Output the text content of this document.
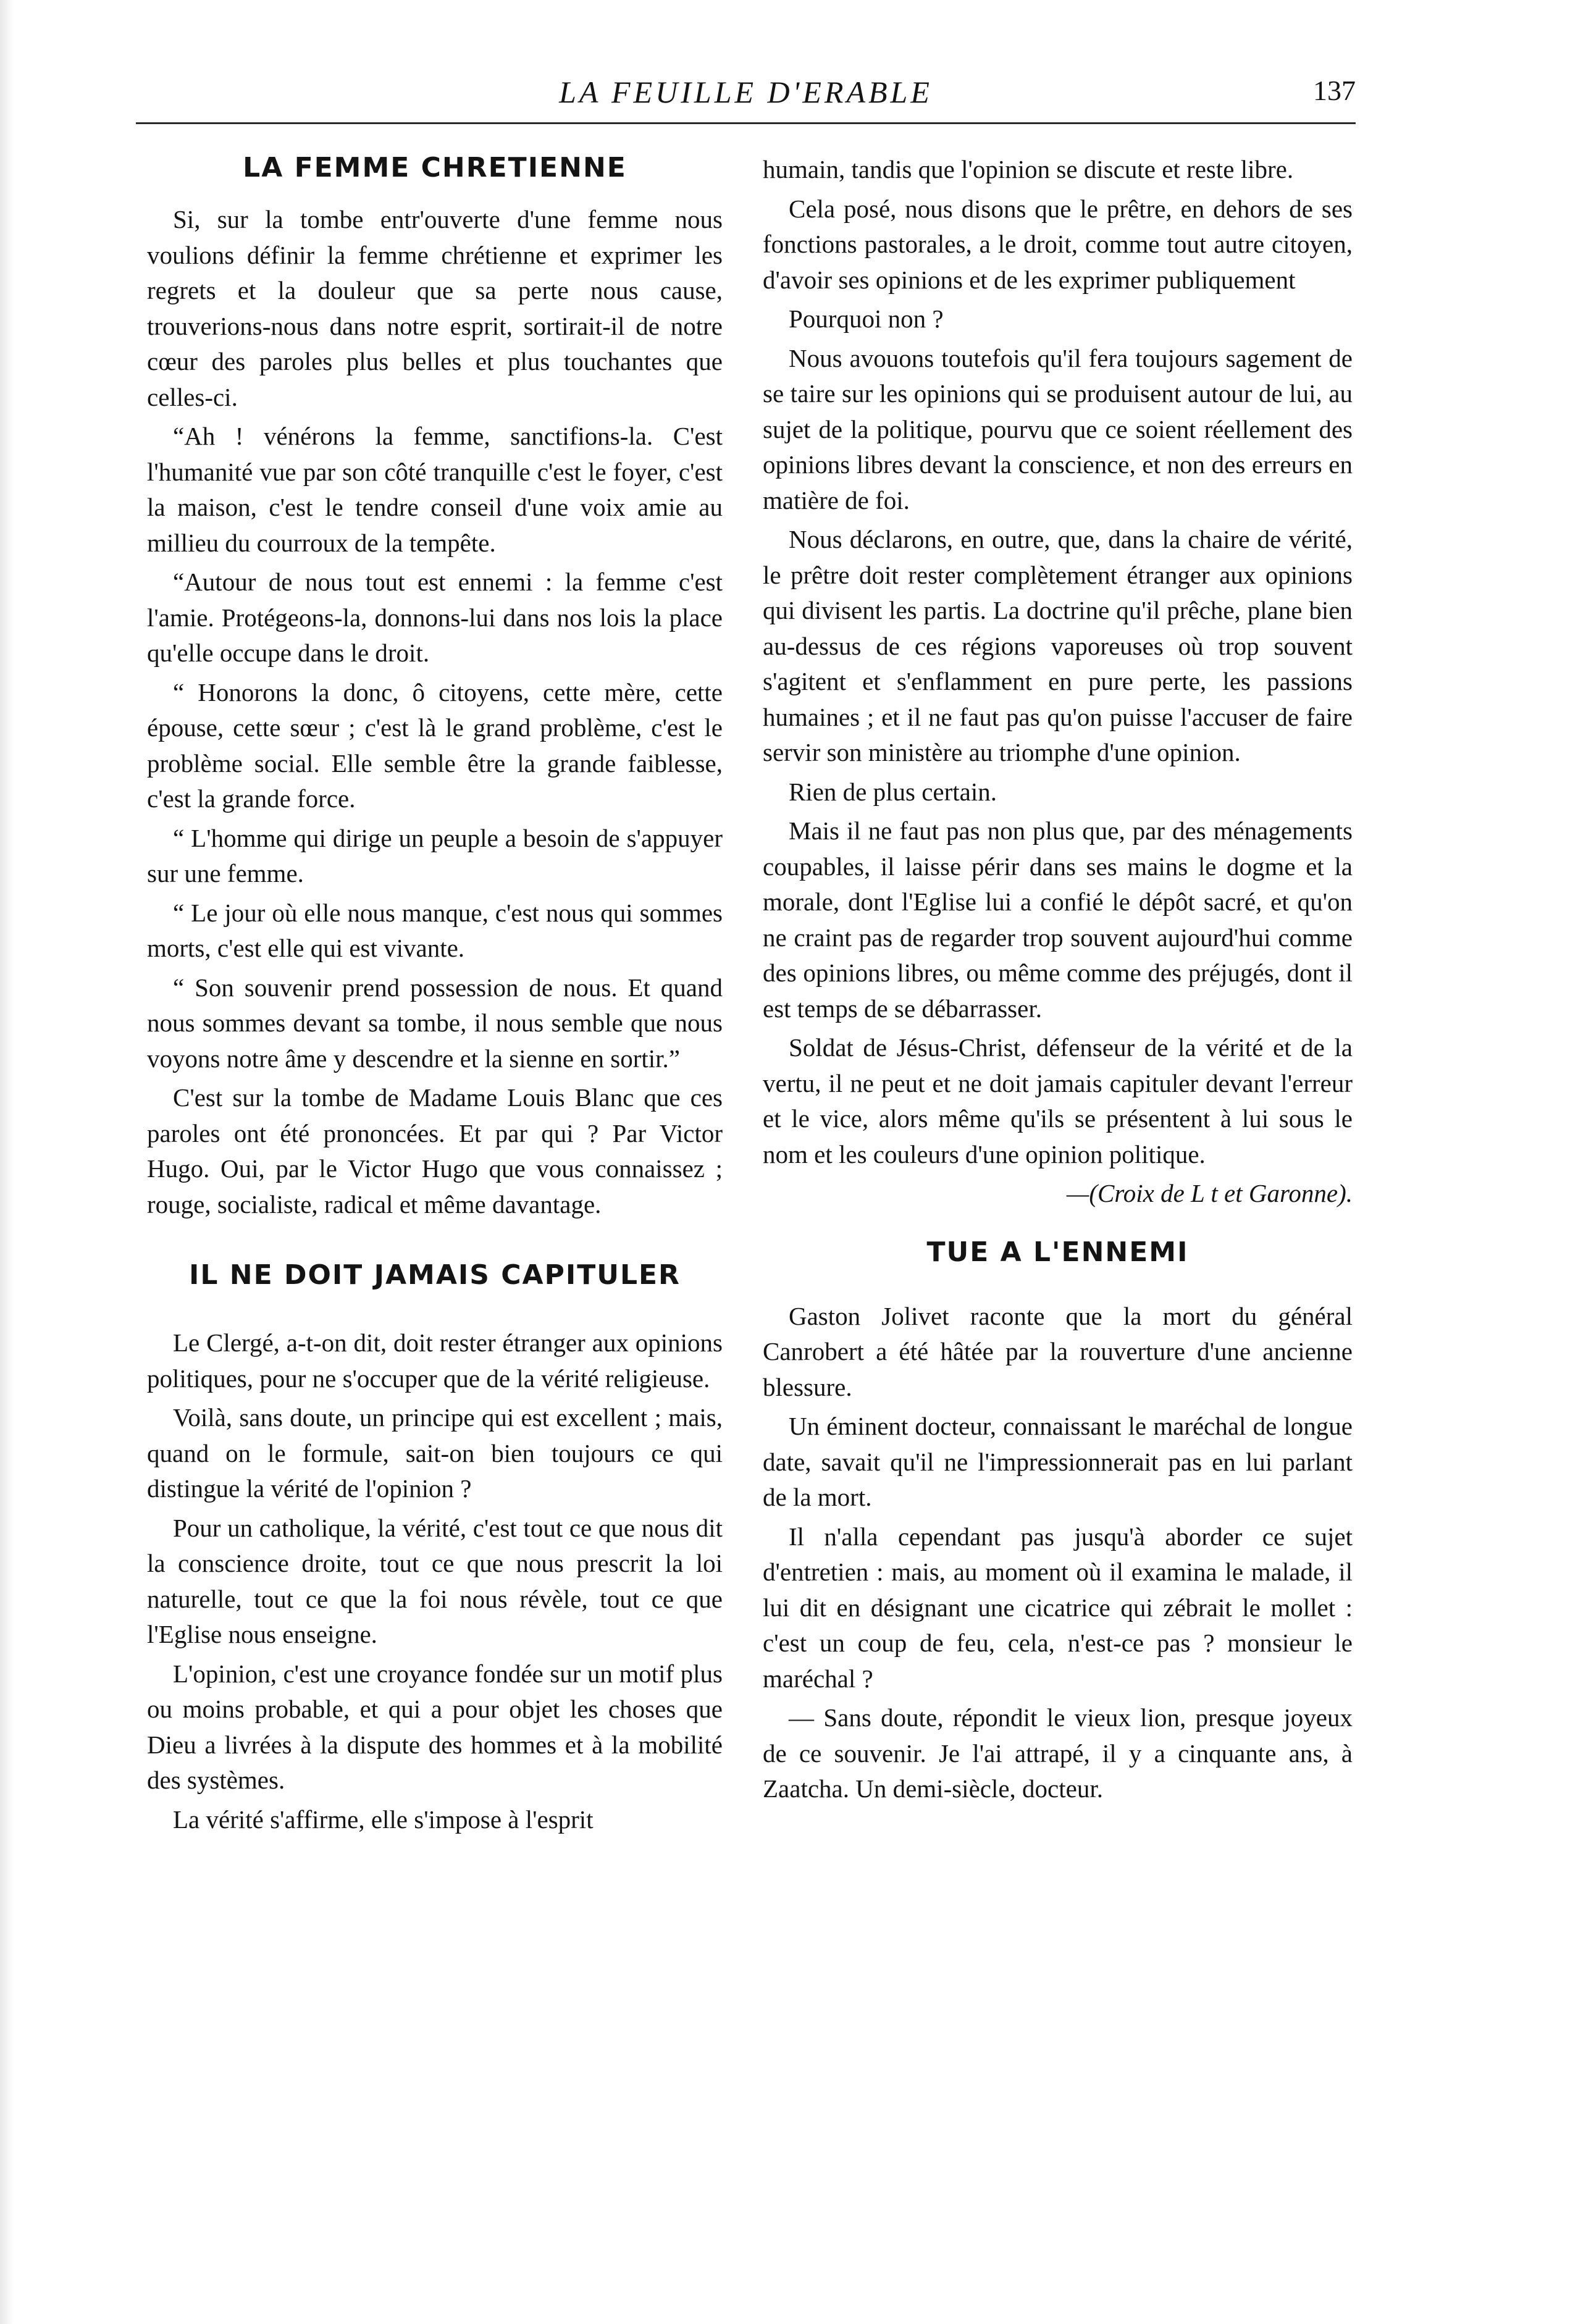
LA FEUILLE D'ERABLE	137
LA FEMME CHRETIENNE

Si, sur la tombe entr'ouverte d'une femme nous voulions définir la femme chrétienne et exprimer les regrets et la douleur que sa perte nous cause, trouverions-nous dans notre esprit, sortirait-il de notre cœur des paroles plus belles et plus touchantes que celles-ci.

“Ah ! vénérons la femme, sanctifions-la. C'est l'humanité vue par son côté tranquille c'est le foyer, c'est la maison, c'est le tendre conseil d'une voix amie au millieu du courroux de la tempête.

“Autour de nous tout est ennemi : la femme c'est l'amie. Protégeons-la, donnons-lui dans nos lois la place qu'elle occupe dans le droit.

“ Honorons la donc, ô citoyens, cette mère, cette épouse, cette sœur ; c'est là le grand problème, c'est le problème social. Elle semble être la grande faiblesse, c'est la grande force.

“ L'homme qui dirige un peuple a besoin de s'appuyer sur une femme.

“ Le jour où elle nous manque, c'est nous qui sommes morts, c'est elle qui est vivante.

“ Son souvenir prend possession de nous. Et quand nous sommes devant sa tombe, il nous semble que nous voyons notre âme y descendre et la sienne en sortir.”

C'est sur la tombe de Madame Louis Blanc que ces paroles ont été prononcées. Et par qui ? Par Victor Hugo. Oui, par le Victor Hugo que vous connaissez ; rouge, socialiste, radical et même davantage.

IL NE DOIT JAMAIS CAPITULER

Le Clergé, a-t-on dit, doit rester étranger aux opinions politiques, pour ne s'occuper que de la vérité religieuse.

Voilà, sans doute, un principe qui est excellent ; mais, quand on le formule, sait-on bien toujours ce qui distingue la vérité de l'opinion ?

Pour un catholique, la vérité, c'est tout ce que nous dit la conscience droite, tout ce que nous prescrit la loi naturelle, tout ce que la foi nous révèle, tout ce que l'Eglise nous enseigne.

L'opinion, c'est une croyance fondée sur un motif plus ou moins probable, et qui a pour objet les choses que Dieu a livrées à la dispute des hommes et à la mobilité des systèmes.

La vérité s'affirme, elle s'impose à l'esprit

humain, tandis que l'opinion se discute et reste libre.

Cela posé, nous disons que le prêtre, en dehors de ses fonctions pastorales, a le droit, comme tout autre citoyen, d'avoir ses opinions et de les exprimer publiquement

Pourquoi non ?

Nous avouons toutefois qu'il fera toujours sagement de se taire sur les opinions qui se produisent autour de lui, au sujet de la politique, pourvu que ce soient réellement des opinions libres devant la conscience, et non des erreurs en matière de foi.

Nous déclarons, en outre, que, dans la chaire de vérité, le prêtre doit rester complètement étranger aux opinions qui divisent les partis. La doctrine qu'il prêche, plane bien au-dessus de ces régions vaporeuses où trop souvent s'agitent et s'enflamment en pure perte, les passions humaines ; et il ne faut pas qu'on puisse l'accuser de faire servir son ministère au triomphe d'une opinion.

Rien de plus certain.

Mais il ne faut pas non plus que, par des ménagements coupables, il laisse périr dans ses mains le dogme et la morale, dont l'Eglise lui a confié le dépôt sacré, et qu'on ne craint pas de regarder trop souvent aujourd'hui comme des opinions libres, ou même comme des préjugés, dont il est temps de se débarrasser.

Soldat de Jésus-Christ, défenseur de la vérité et de la vertu, il ne peut et ne doit jamais capituler devant l'erreur et le vice, alors même qu'ils se présentent à lui sous le nom et les couleurs d'une opinion politique.

—(Croix de L t et Garonne).

TUE A L'ENNEMI

Gaston Jolivet raconte que la mort du général Canrobert a été hâtée par la rouverture d'une ancienne blessure.

Un éminent docteur, connaissant le maréchal de longue date, savait qu'il ne l'impressionnerait pas en lui parlant de la mort.

Il n'alla cependant pas jusqu'à aborder ce sujet d'entretien : mais, au moment où il examina le malade, il lui dit en désignant une cicatrice qui zébrait le mollet : c'est un coup de feu, cela, n'est-ce pas ? monsieur le maréchal ?

— Sans doute, répondit le vieux lion, presque joyeux de ce souvenir. Je l'ai attrapé, il y a cinquante ans, à Zaatcha. Un demi-siècle, docteur.
